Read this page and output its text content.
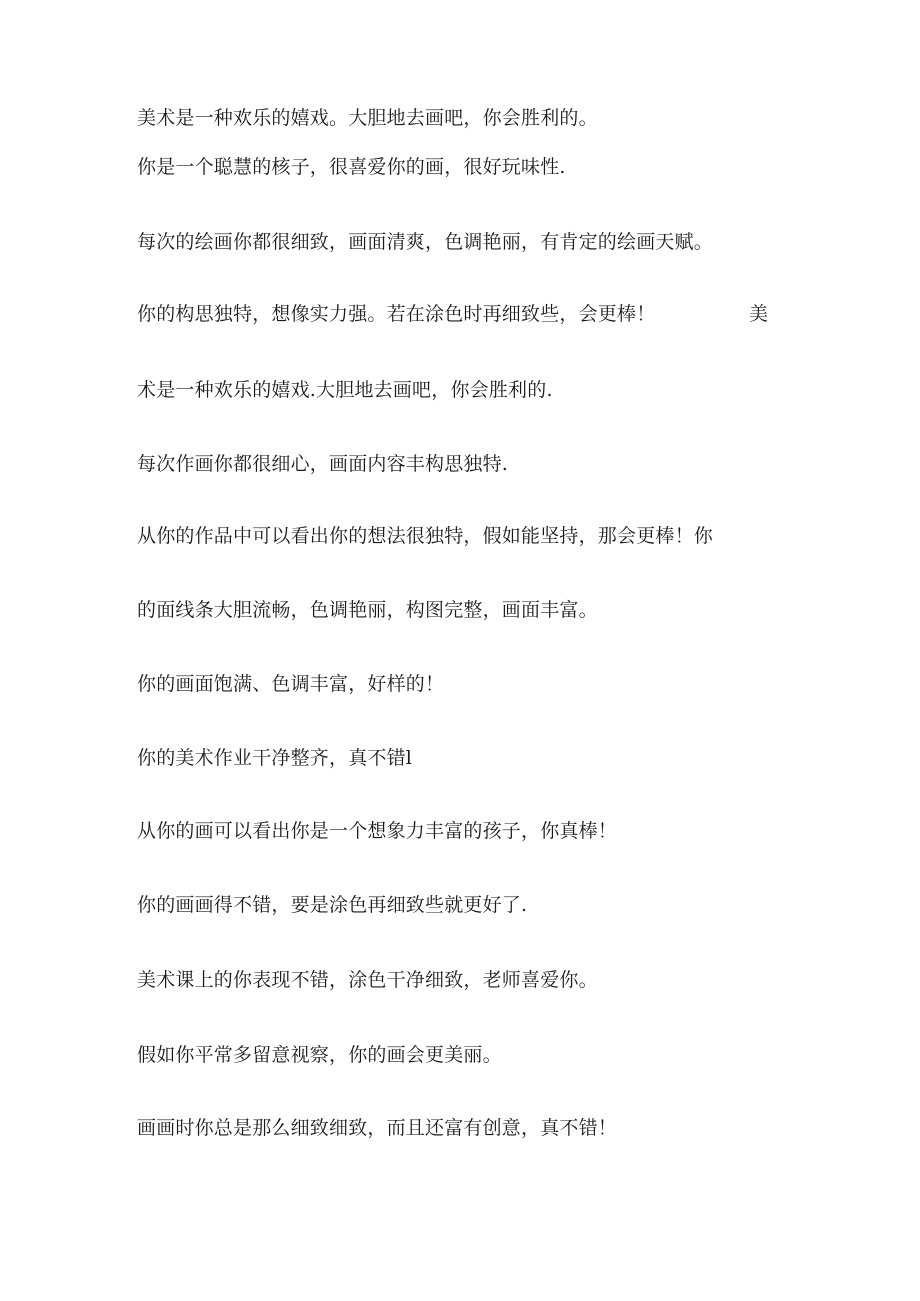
美术是一种欢乐的嬉戏。大胆地去画吧，你会胜利的。
你是一个聪慧的核子，很喜爱你的画，很好玩味性.
每次的绘画你都很细致，画面清爽，色调艳丽，有肯定的绘画天赋。
你的构思独特，想像实力强。若在涂色时再细致些，会更棒！	美
术是一种欢乐的嬉戏.大胆地去画吧，你会胜利的.
每次作画你都很细心，画面内容丰构思独特.
从你的作品中可以看出你的想法很独特，假如能坚持，那会更棒！你
的面线条大胆流畅，色调艳丽，构图完整，画面丰富。
你的画面饱满、色调丰富，好样的！
你的美术作业干净整齐，真不错l
从你的画可以看出你是一个想象力丰富的孩子，你真棒！
你的画画得不错，要是涂色再细致些就更好了.
美术课上的你表现不错，涂色干净细致，老师喜爱你。
假如你平常多留意视察，你的画会更美丽。
画画时你总是那么细致细致，而且还富有创意，真不错！
